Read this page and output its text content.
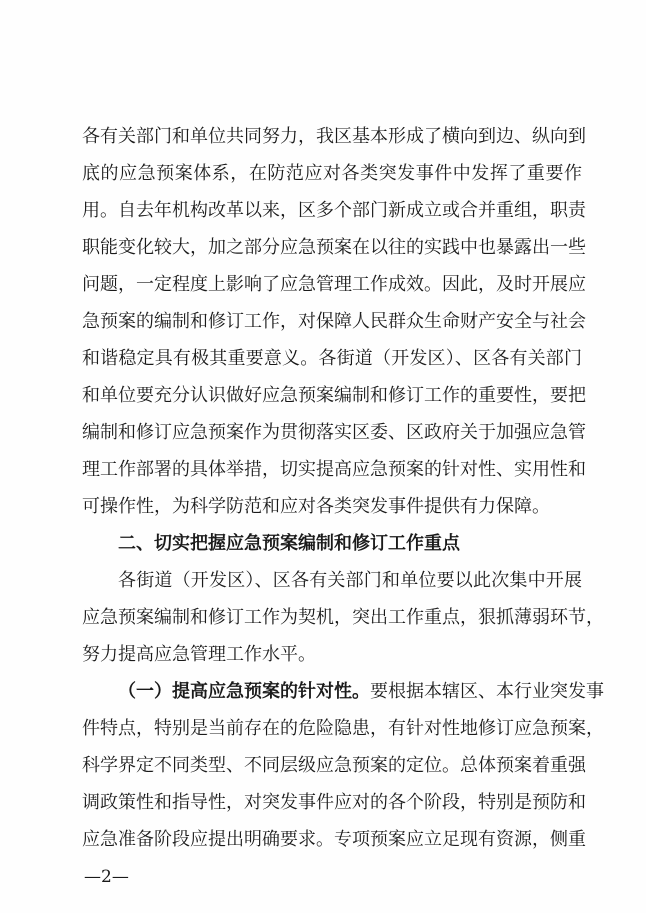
各有关部门和单位共同努力，我区基本形成了横向到边、纵向到
底的应急预案体系，在防范应对各类突发事件中发挥了重要作
用。自去年机构改革以来，区多个部门新成立或合并重组，职责
职能变化较大，加之部分应急预案在以往的实践中也暴露出一些
问题，一定程度上影响了应急管理工作成效。因此，及时开展应
急预案的编制和修订工作，对保障人民群众生命财产安全与社会
和谐稳定具有极其重要意义。各街道（开发区）、区各有关部门
和单位要充分认识做好应急预案编制和修订工作的重要性，要把
编制和修订应急预案作为贯彻落实区委、区政府关于加强应急管
理工作部署的具体举措，切实提高应急预案的针对性、实用性和
可操作性，为科学防范和应对各类突发事件提供有力保障。
二、切实把握应急预案编制和修订工作重点
各街道（开发区）、区各有关部门和单位要以此次集中开展
应急预案编制和修订工作为契机，突出工作重点，狠抓薄弱环节，
努力提高应急管理工作水平。
（一）提高应急预案的针对性。要根据本辖区、本行业突发事
件特点，特别是当前存在的危险隐患，有针对性地修订应急预案，
科学界定不同类型、不同层级应急预案的定位。总体预案着重强
调政策性和指导性，对突发事件应对的各个阶段，特别是预防和
应急准备阶段应提出明确要求。专项预案应立足现有资源，侧重
—2—
